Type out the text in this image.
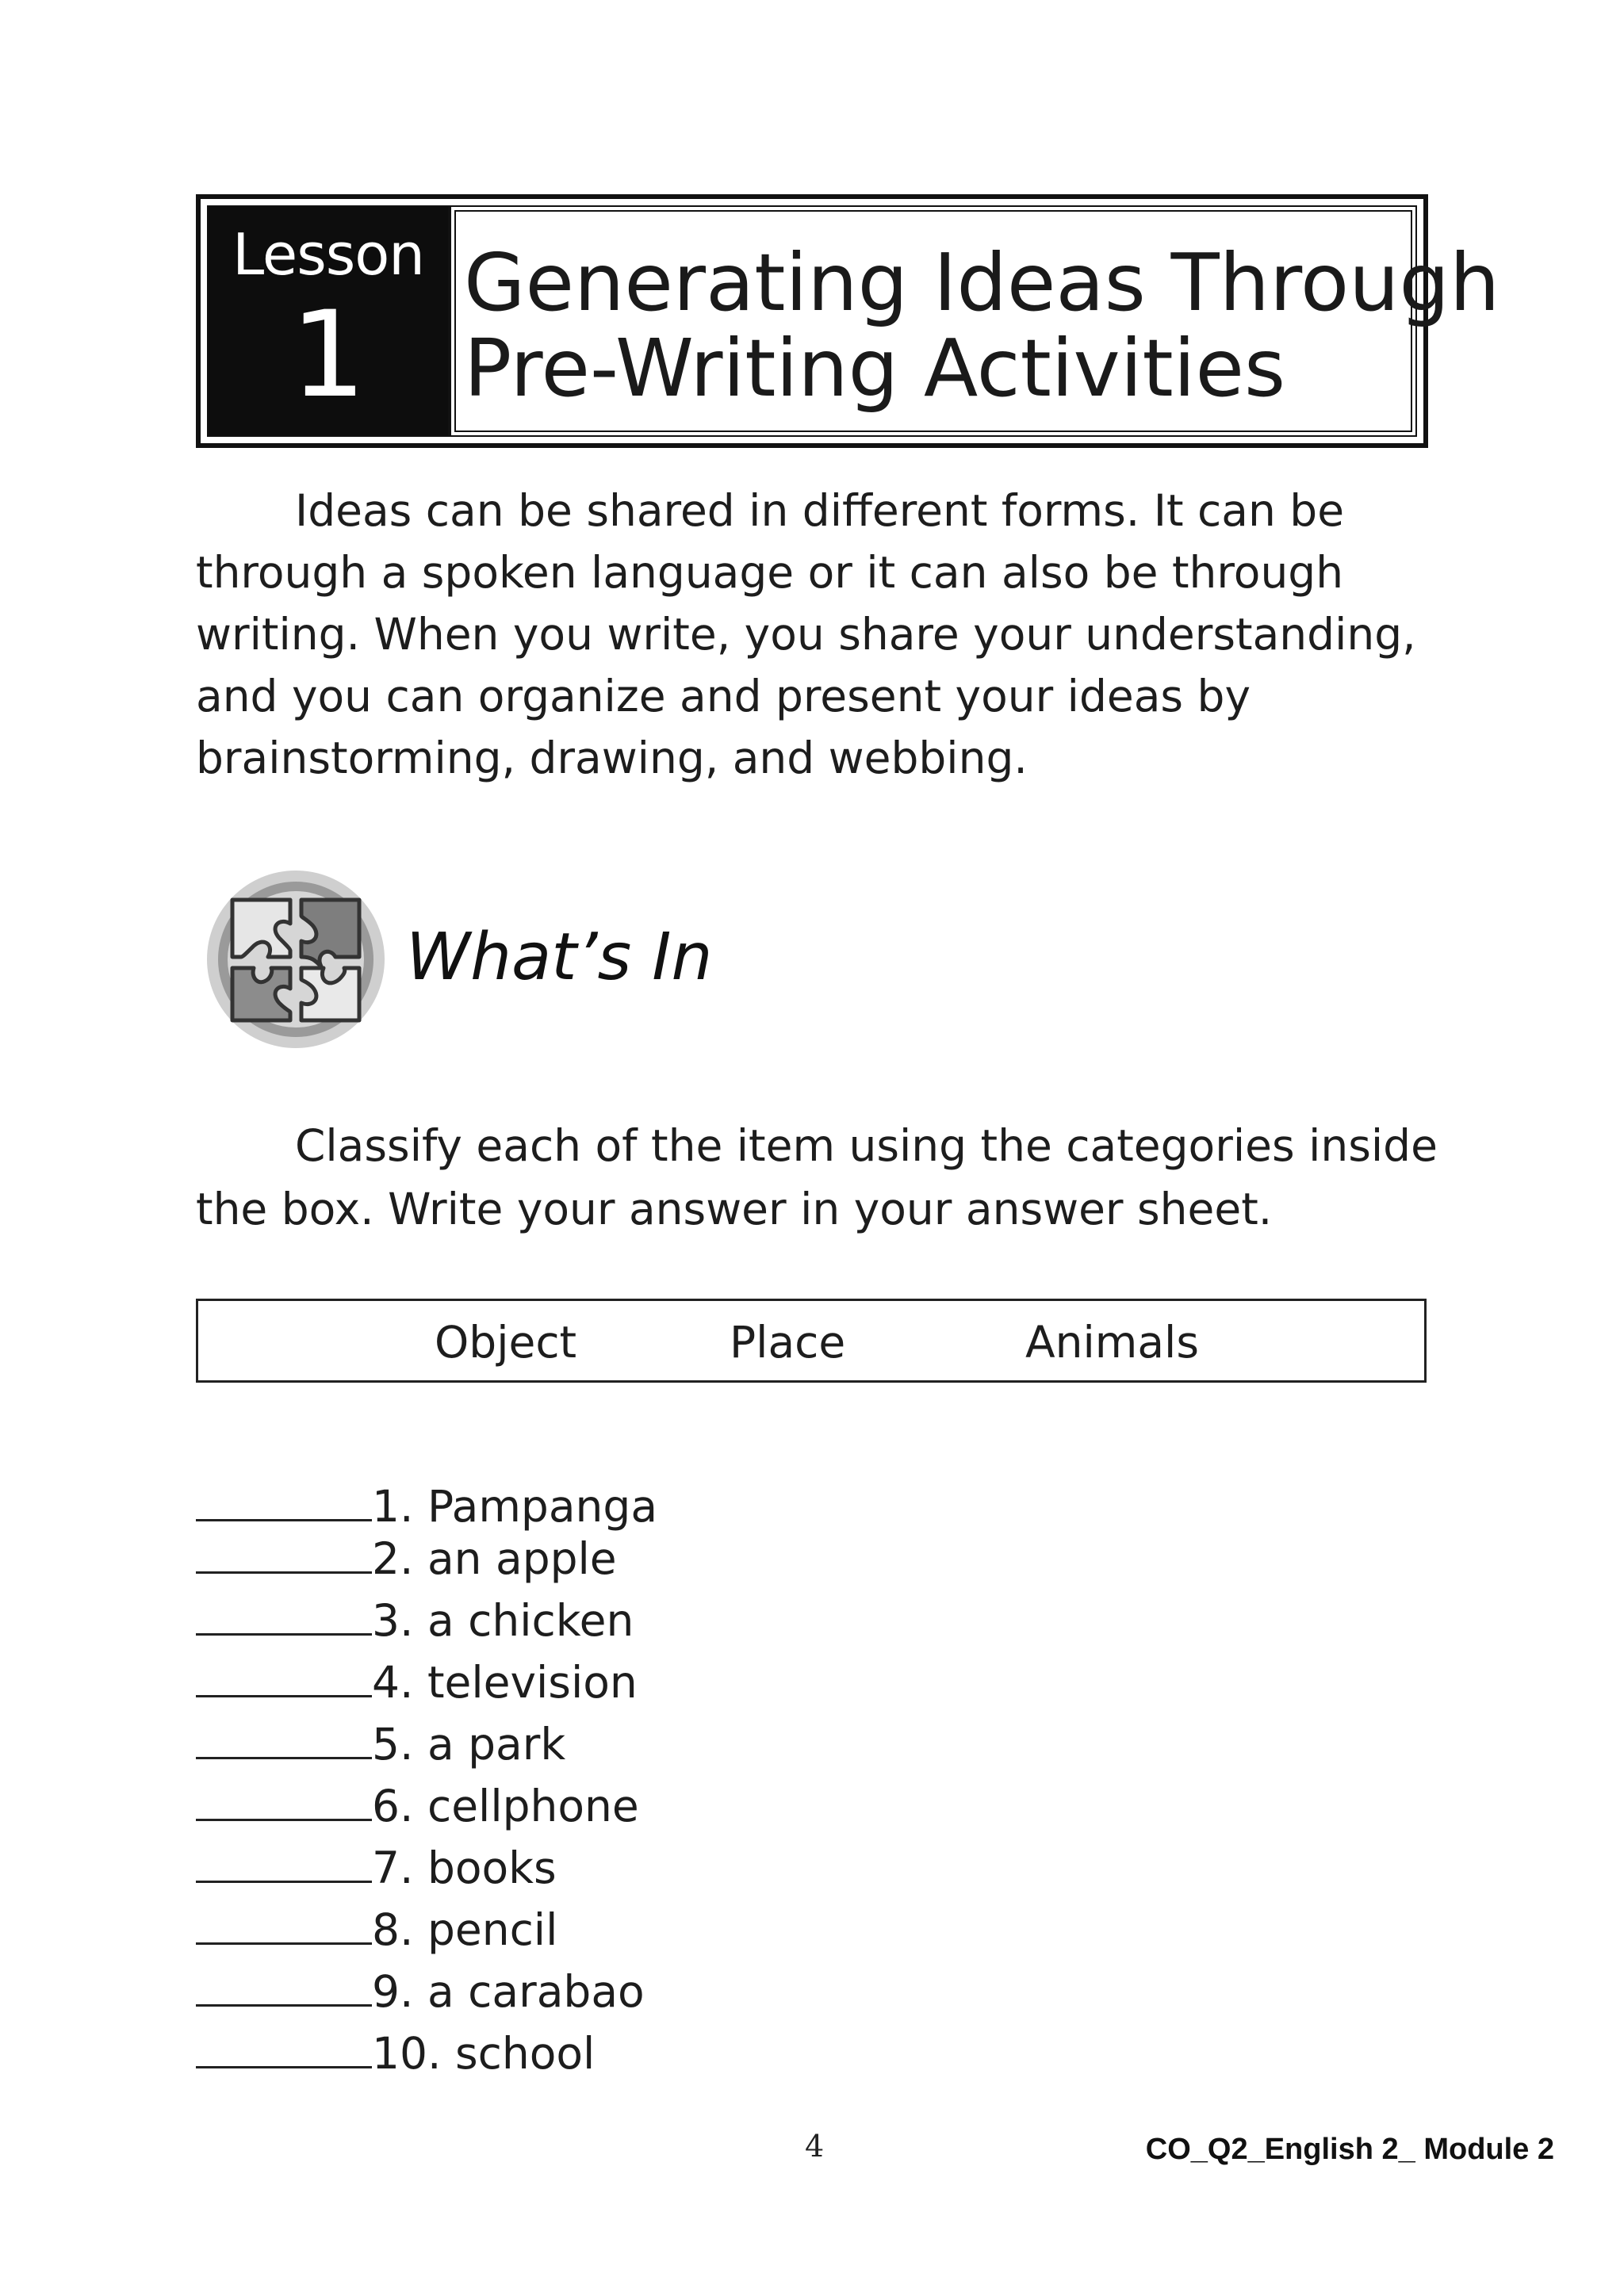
Lesson
1
Generating Ideas Through
Pre-Writing Activities
Ideas can be shared in different forms. It can be
through a spoken language or it can also be through
writing. When you write, you share your understanding,
and you can organize and present your ideas by
brainstorming, drawing, and webbing.
What’s In
Classify each of the item using the categories inside
the box. Write your answer in your answer sheet.
Object	Place	Animals
1. Pampanga
2. an apple
3. a chicken
4. television
5. a park
6. cellphone
7. books
8. pencil
9. a carabao
10. school
4	CO_Q2_English 2_ Module 2
